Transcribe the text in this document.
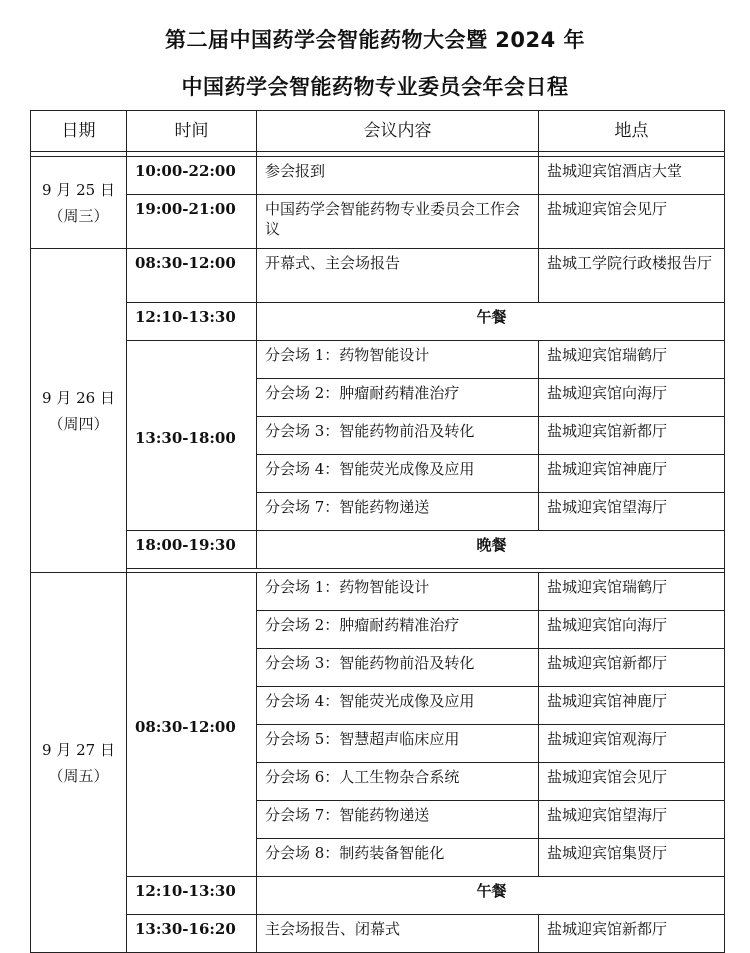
第二届中国药学会智能药物大会暨 2024 年
中国药学会智能药物专业委员会年会日程
日期	时间	会议内容	地点

9 月 25 日
（周三）	10:00-22:00	参会报到	盐城迎宾馆酒店大堂
	19:00-21:00	中国药学会智能药物专业委员会工作会议	盐城迎宾馆会见厅

9 月 26 日
（周四）	08:30-12:00	开幕式、主会场报告	盐城工学院行政楼报告厅
	12:10-13:30	午餐	
	13:30-18:00	分会场 1：药物智能设计	盐城迎宾馆瑞鹤厅
		分会场 2：肿瘤耐药精准治疗	盐城迎宾馆向海厅
		分会场 3：智能药物前沿及转化	盐城迎宾馆新都厅
		分会场 4：智能荧光成像及应用	盐城迎宾馆神鹿厅
		分会场 7：智能药物递送	盐城迎宾馆望海厅
	18:00-19:30	晚餐	

9 月 27 日
（周五）	08:30-12:00	分会场 1：药物智能设计	盐城迎宾馆瑞鹤厅
		分会场 2：肿瘤耐药精准治疗	盐城迎宾馆向海厅
		分会场 3：智能药物前沿及转化	盐城迎宾馆新都厅
		分会场 4：智能荧光成像及应用	盐城迎宾馆神鹿厅
		分会场 5：智慧超声临床应用	盐城迎宾馆观海厅
		分会场 6：人工生物杂合系统	盐城迎宾馆会见厅
		分会场 7：智能药物递送	盐城迎宾馆望海厅
		分会场 8：制药装备智能化	盐城迎宾馆集贤厅
	12:10-13:30	午餐	
	13:30-16:20	主会场报告、闭幕式	盐城迎宾馆新都厅
